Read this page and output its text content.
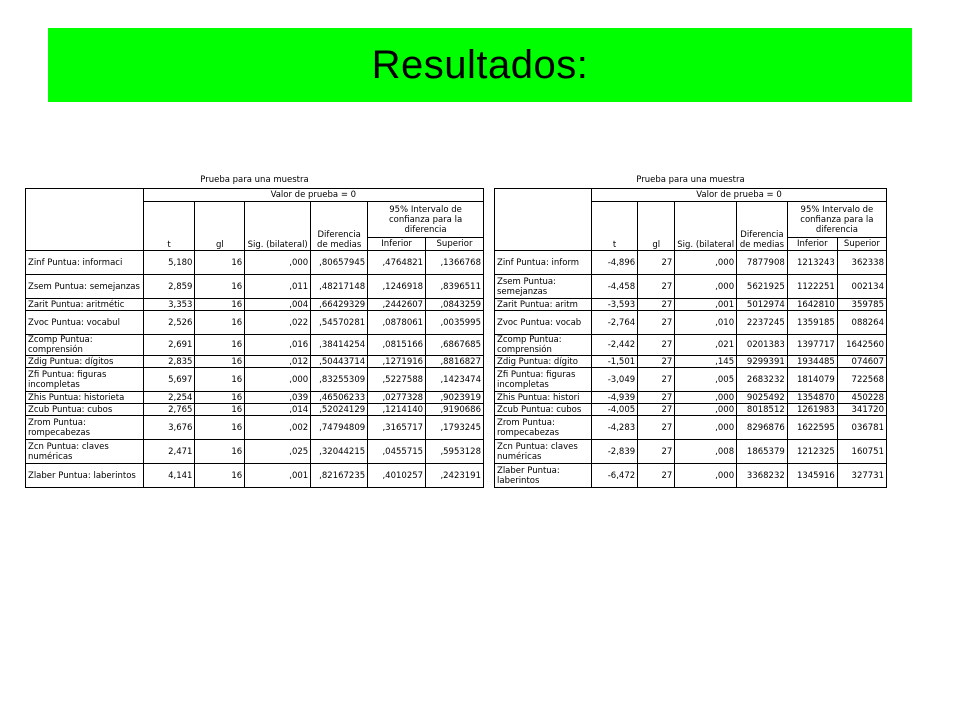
Resultados:
Prueba para una muestra
	Valor de prueba = 0					
	t	gl	Sig. (bilateral)	Diferencia de medias	95% Intervalo de confianza para la diferencia	
					Inferior	Superior
Zinf Puntua: informaci	5,180	16	,000	,80657945	,4764821	,1366768
Zsem Puntua: semejanzas	2,859	16	,011	,48217148	,1246918	,8396511
Zarit Puntua: aritmétic	3,353	16	,004	,66429329	,2442607	,0843259
Zvoc Puntua: vocabul	2,526	16	,022	,54570281	,0878061	,0035995
Zcomp Puntua: comprensión	2,691	16	,016	,38414254	,0815166	,6867685
Zdig Puntua: dígitos	2,835	16	,012	,50443714	,1271916	,8816827
Zfi Puntua: figuras incompletas	5,697	16	,000	,83255309	,5227588	,1423474
Zhis Puntua: historieta	2,254	16	,039	,46506233	,0277328	,9023919
Zcub Puntua: cubos	2,765	16	,014	,52024129	,1214140	,9190686
Zrom Puntua: rompecabezas	3,676	16	,002	,74794809	,3165717	,1793245
Zcn Puntua: claves numéricas	2,471	16	,025	,32044215	,0455715	,5953128
Zlaber Puntua: laberintos	4,141	16	,001	,82167235	,4010257	,2423191
Prueba para una muestra
	Valor de prueba = 0					
	t	gl	Sig. (bilateral	Diferencia de medias	95% Intervalo de confianza para la diferencia	
					Inferior	Superior
Zinf Puntua: inform	-4,896	27	,000	7877908	1213243	362338
Zsem Puntua: semejanzas	-4,458	27	,000	5621925	1122251	002134
Zarit Puntua: aritm	-3,593	27	,001	5012974	1642810	359785
Zvoc Puntua: vocab	-2,764	27	,010	2237245	1359185	088264
Zcomp Puntua: comprensión	-2,442	27	,021	0201383	1397717	1642560
Zdig Puntua: dígito	-1,501	27	,145	9299391	1934485	074607
Zfi Puntua: figuras incompletas	-3,049	27	,005	2683232	1814079	722568
Zhis Puntua: histori	-4,939	27	,000	9025492	1354870	450228
Zcub Puntua: cubos	-4,005	27	,000	8018512	1261983	341720
Zrom Puntua: rompecabezas	-4,283	27	,000	8296876	1622595	036781
Zcn Puntua: claves numéricas	-2,839	27	,008	1865379	1212325	160751
Zlaber Puntua: laberintos	-6,472	27	,000	3368232	1345916	327731
